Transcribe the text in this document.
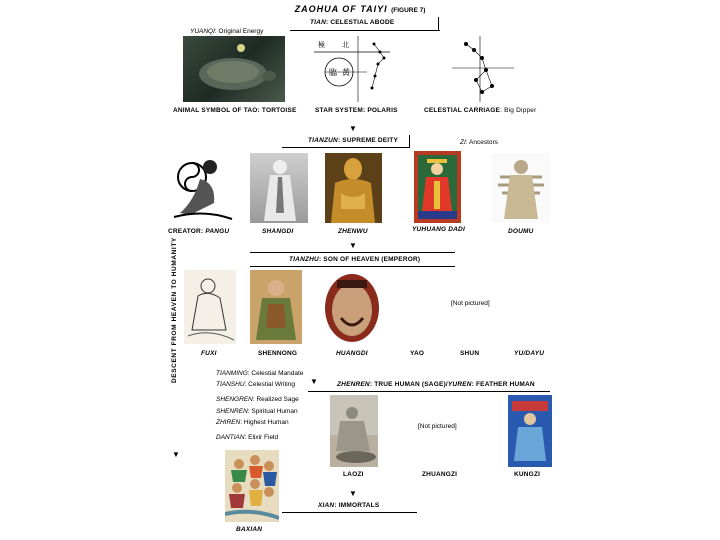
ZAOHUA OF TAIYI (FIGURE 7)
TIAN: CELESTIAL ABODE
YUANQI: Original Energy
ANIMAL SYMBOL OF TAO: TORTOISE
極 北
黃
臨
STAR SYSTEM: POLARIS	CELESTIAL CARRIAGE: Big Dipper
▼
TIANZUN: SUPREME DEITY	ZI: Ancestors
CREATOR: PANGU	SHANGDI	ZHENWU	YUHUANG DADI	DOUMU
▼
TIANZHU: SON OF HEAVEN (EMPEROR)
DESCENT FROM HEAVEN TO HUMANITY	[Not pictured]
FUXI	SHENNONG	HUANGDI	YAO	SHUN	YU/DAYU
TIANMING: Celestial Mandate
TIANSHU: Celestial Writing
SHENGREN: Realized Sage
SHENREN: Spiritual Human
ZHIREN: Highest Human
DANTIAN: Elixir Field
▼	ZHENREN: TRUE HUMAN (SAGE)/YUREN: FEATHER HUMAN
[Not pictured]
LAOZI	ZHUANGZI	KUNGZI
▼
BAXIAN
▼
XIAN: IMMORTALS
